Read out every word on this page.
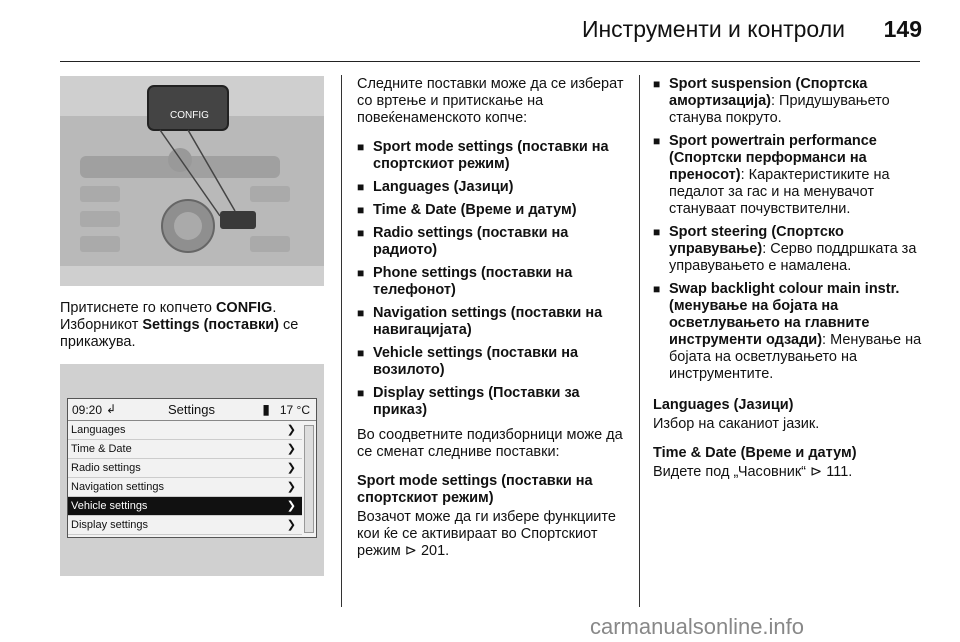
Инструменти и контроли 149
CONFIG

Притиснете го копчето CONFIG. Изборникот Settings (поставки) се прикажува.

09:20 ↲	Settings	▮ 17 °C
Languages	❯
Time & Date	❯
Radio settings	❯
Navigation settings	❯
Vehicle settings	❯
Display settings	❯

Следните поставки може да се изберат со вртење и притискање на повеќенаменското копче:

■ Sport mode settings (поставки на спортскиот режим)
■ Languages (Јазици)
■ Time & Date (Време и датум)
■ Radio settings (поставки на радиото)
■ Phone settings (поставки на телефонот)
■ Navigation settings (поставки на навигацијата)
■ Vehicle settings (поставки на возилото)
■ Display settings (Поставки за приказ)

Во соодветните подизборници може да се сменат следниве поставки:

Sport mode settings (поставки на спортскиот режим)

Возачот може да ги избере функциите кои ќе се активираат во Спортскиот режим ⊳ 201.

■ Sport suspension (Спортска амортизација): Придушувањето станува покруто.
■ Sport powertrain performance (Спортски перформанси на преносот): Карактеристиките на педалот за гас и на менувачот стануваат почувствителни.
■ Sport steering (Спортско управување): Серво поддршката за управувањето е намалена.
■ Swap backlight colour main instr. (менување на бојата на осветлувањето на главните инструменти одзади): Менување на бојата на осветлувањето на инструментите.

Languages (Јазици)

Избор на саканиот јазик.

Time & Date (Време и датум)

Видете под „Часовник“ ⊳ 111.

carmanualsonline.info
